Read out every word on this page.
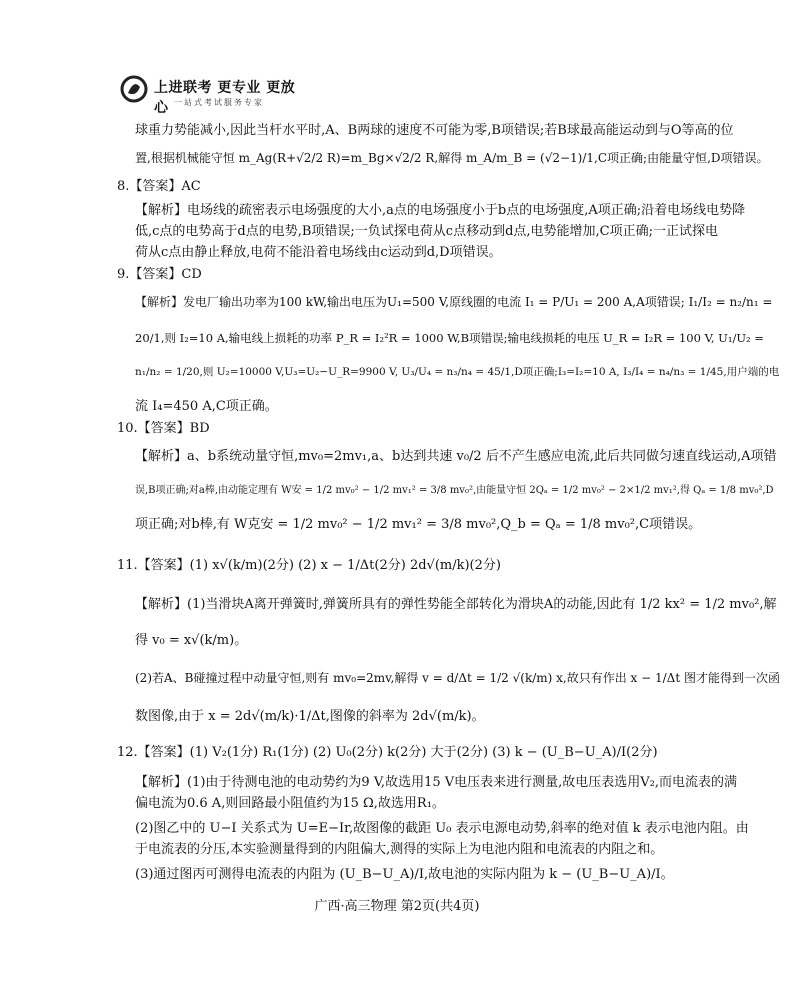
上进联考 更专业 更放心 一站式考试服务专家
球重力势能减小,因此当杆水平时,A、B两球的速度不可能为零,B项错误;若B球最高能运动到与O等高的位
置,根据机械能守恒 m_Ag(R+√2/2 R)=m_Bg×√2/2 R,解得 m_A/m_B = (√2−1)/1,C项正确;由能量守恒,D项错误。
8.【答案】AC
【解析】电场线的疏密表示电场强度的大小,a点的电场强度小于b点的电场强度,A项正确;沿着电场线电势降
低,c点的电势高于d点的电势,B项错误;一负试探电荷从c点移动到d点,电势能增加,C项正确;一正试探电
荷从c点由静止释放,电荷不能沿着电场线由c运动到d,D项错误。
9.【答案】CD
【解析】发电厂输出功率为100 kW,输出电压为U₁=500 V,原线圈的电流 I₁ = P/U₁ = 200 A,A项错误; I₁/I₂ = n₂/n₁ =
20/1,则 I₂=10 A,输电线上损耗的功率 P_R = I₂²R = 1000 W,B项错误;输电线损耗的电压 U_R = I₂R = 100 V, U₁/U₂ =
n₁/n₂ = 1/20,则 U₂=10000 V,U₃=U₂−U_R=9900 V, U₃/U₄ = n₃/n₄ = 45/1,D项正确;I₃=I₂=10 A, I₃/I₄ = n₄/n₃ = 1/45,用户端的电
流 I₄=450 A,C项正确。
10.【答案】BD
【解析】a、b系统动量守恒,mv₀=2mv₁,a、b达到共速 v₀/2 后不产生感应电流,此后共同做匀速直线运动,A项错
误,B项正确;对a棒,由动能定理有 W安 = 1/2 mv₀² − 1/2 mv₁² = 3/8 mv₀²,由能量守恒 2Qₐ = 1/2 mv₀² − 2×1/2 mv₁²,得 Qₐ = 1/8 mv₀²,D
项正确;对b棒,有 W克安 = 1/2 mv₀² − 1/2 mv₁² = 3/8 mv₀²,Q_b = Qₐ = 1/8 mv₀²,C项错误。
11.【答案】(1) x√(k/m)(2分) (2) x − 1/Δt(2分) 2d√(m/k)(2分)
【解析】(1)当滑块A离开弹簧时,弹簧所具有的弹性势能全部转化为滑块A的动能,因此有 1/2 kx² = 1/2 mv₀²,解
得 v₀ = x√(k/m)。
(2)若A、B碰撞过程中动量守恒,则有 mv₀=2mv,解得 v = d/Δt = 1/2 √(k/m) x,故只有作出 x − 1/Δt 图才能得到一次函
数图像,由于 x = 2d√(m/k)·1/Δt,图像的斜率为 2d√(m/k)。
12.【答案】(1) V₂(1分) R₁(1分) (2) U₀(2分) k(2分) 大于(2分) (3) k − (U_B−U_A)/I(2分)
【解析】(1)由于待测电池的电动势约为9 V,故选用15 V电压表来进行测量,故电压表选用V₂,而电流表的满
偏电流为0.6 A,则回路最小阻值约为15 Ω,故选用R₁。
(2)图乙中的 U−I 关系式为 U=E−Ir,故图像的截距 U₀ 表示电源电动势,斜率的绝对值 k 表示电池内阻。由
于电流表的分压,本实验测量得到的内阻偏大,测得的实际上为电池内阻和电流表的内阻之和。
(3)通过图丙可测得电流表的内阻为 (U_B−U_A)/I,故电池的实际内阻为 k − (U_B−U_A)/I。
广西·高三物理 第2页(共4页)
